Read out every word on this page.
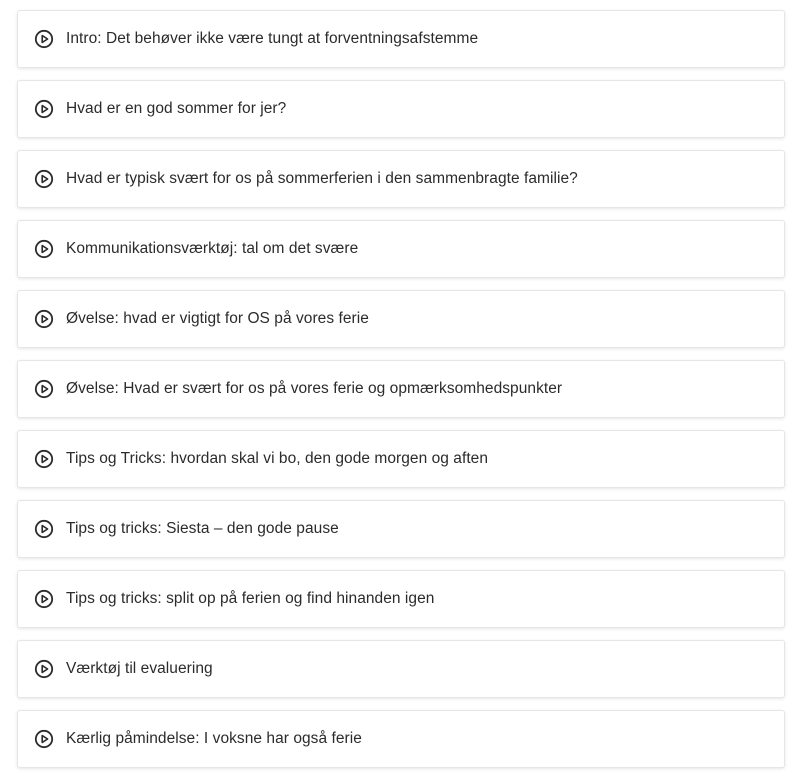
Intro: Det behøver ikke være tungt at forventningsafstemme
Hvad er en god sommer for jer?
Hvad er typisk svært for os på sommerferien i den sammenbragte familie?
Kommunikationsværktøj: tal om det svære
Øvelse: hvad er vigtigt for OS på vores ferie
Øvelse: Hvad er svært for os på vores ferie og opmærksomhedspunkter
Tips og Tricks: hvordan skal vi bo, den gode morgen og aften
Tips og tricks: Siesta – den gode pause
Tips og tricks: split op på ferien og find hinanden igen
Værktøj til evaluering
Kærlig påmindelse: I voksne har også ferie
